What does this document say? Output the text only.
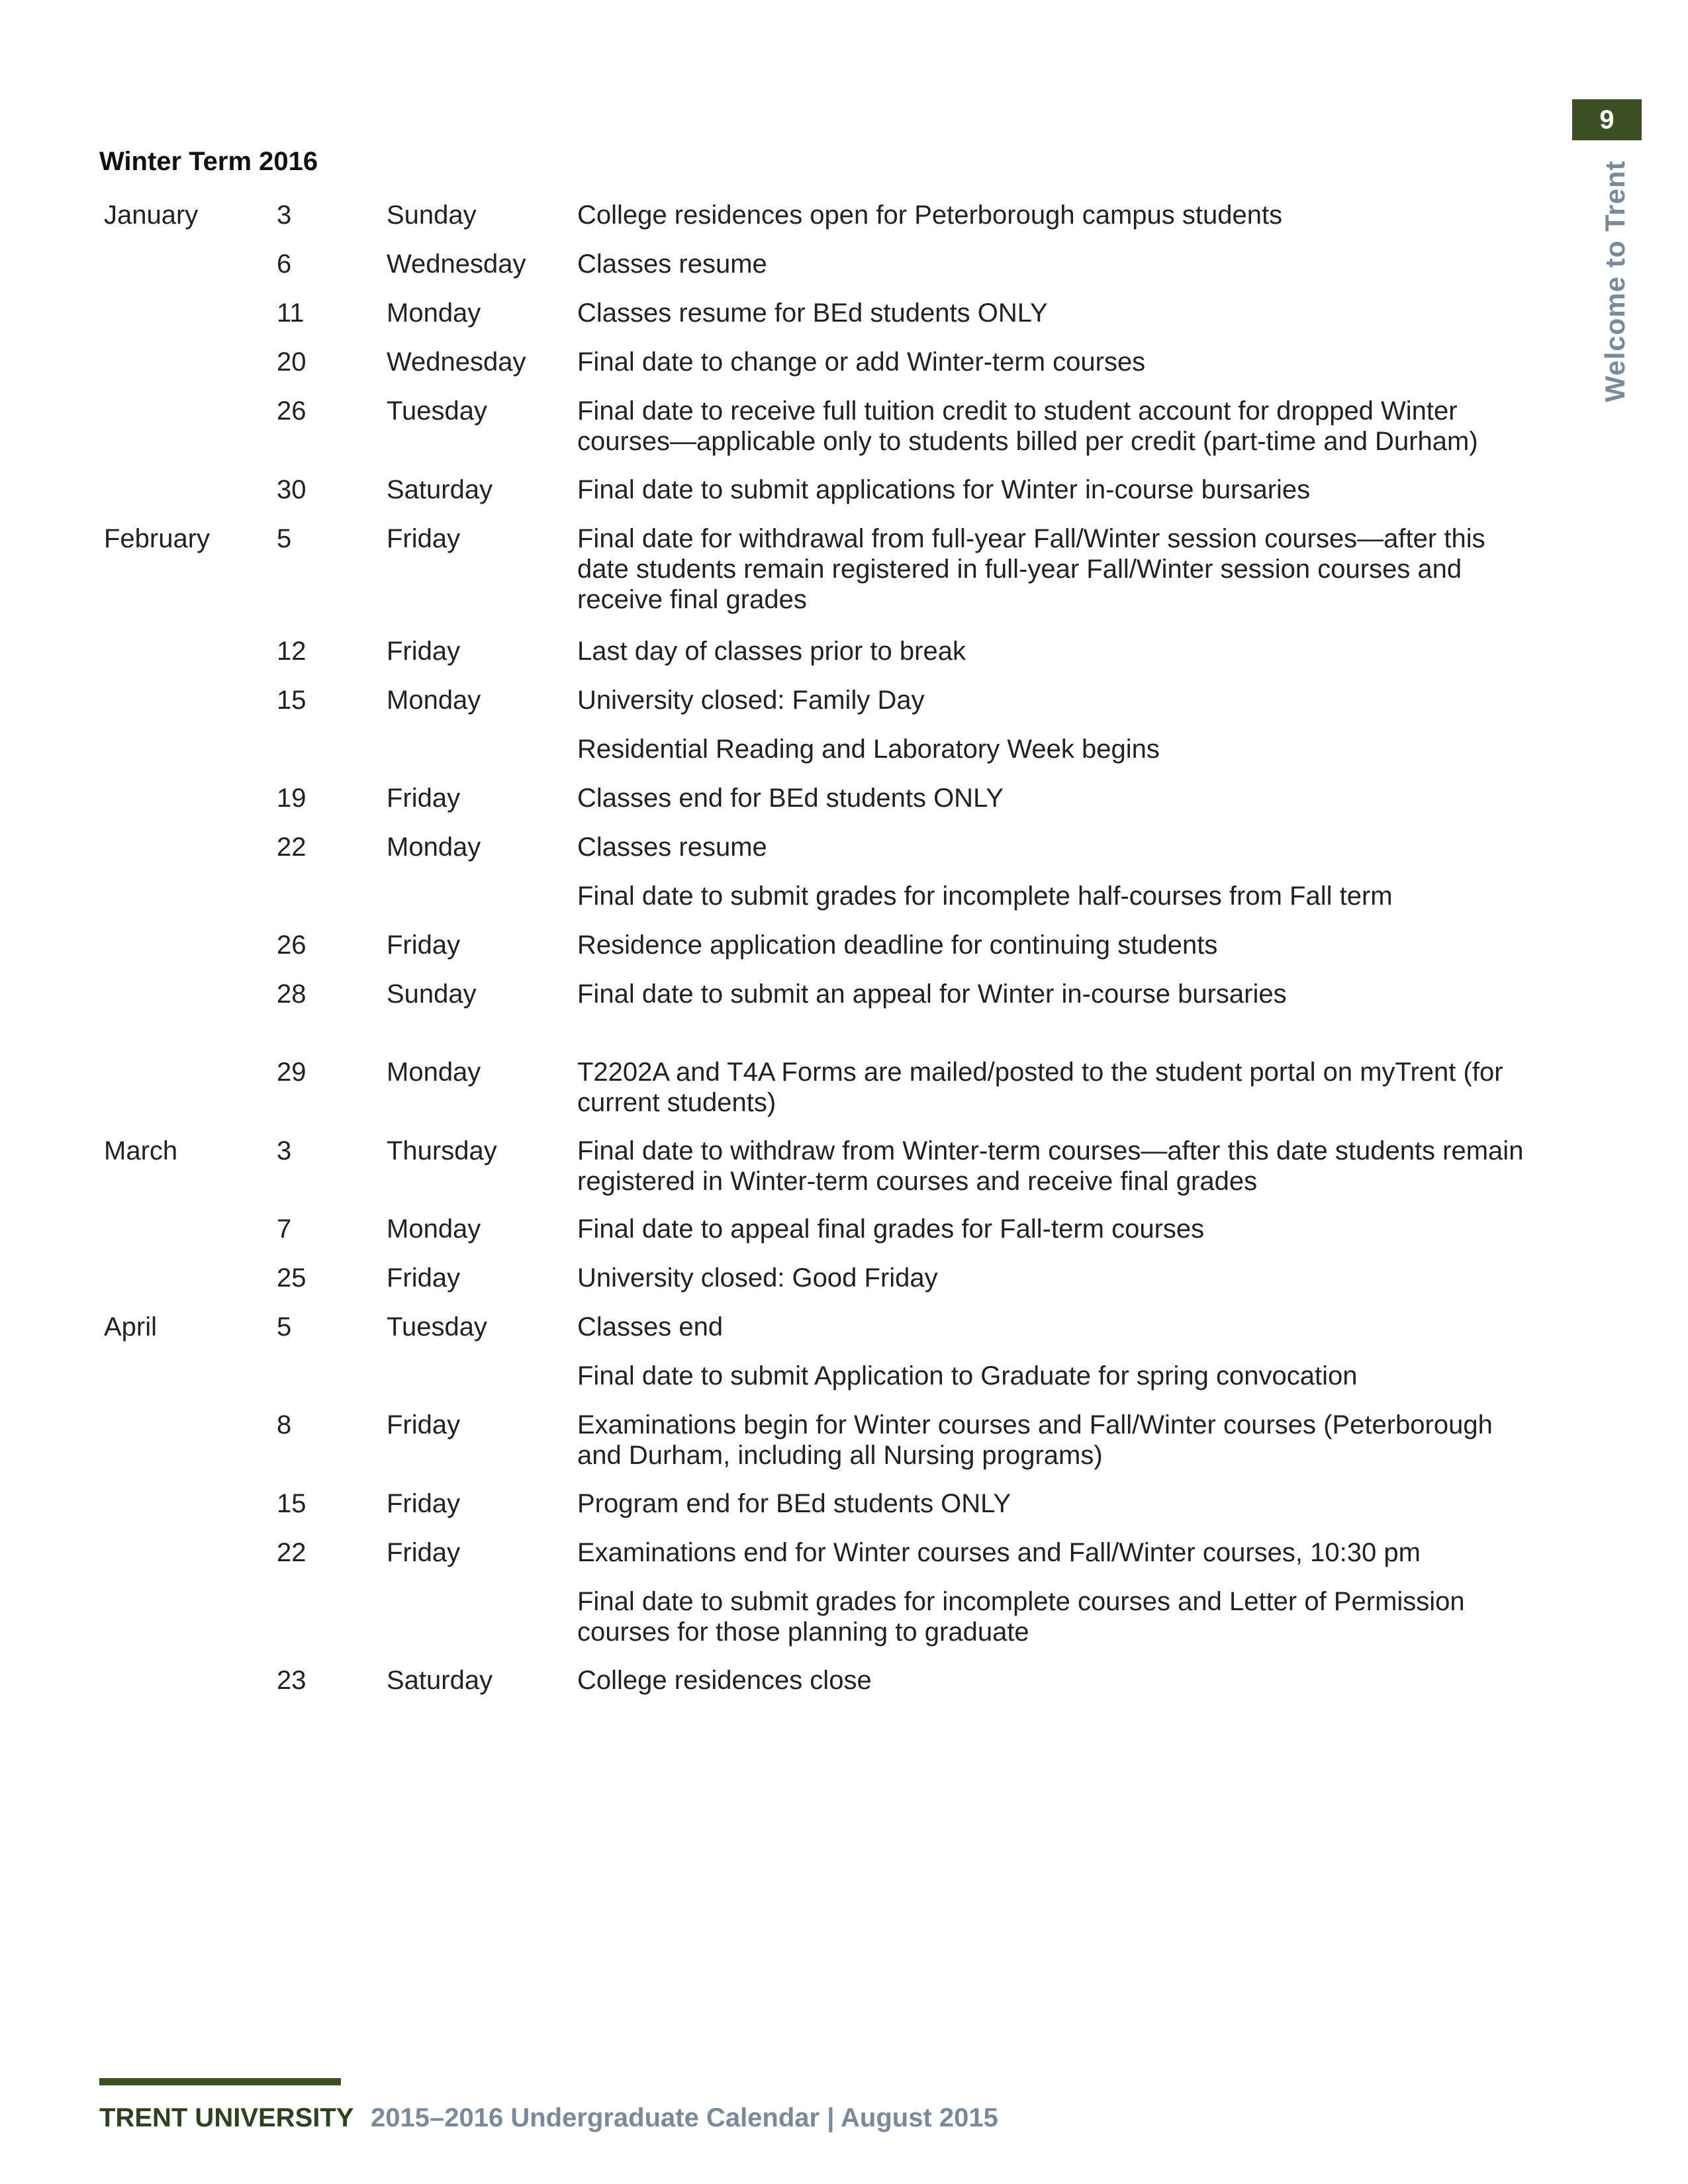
9
Welcome to Trent
Winter Term 2016
January	3	Sunday	College residences open for Peterborough campus students
6	Wednesday	Classes resume
11	Monday	Classes resume for BEd students ONLY
20	Wednesday	Final date to change or add Winter-term courses
26	Tuesday	Final date to receive full tuition credit to student account for dropped Winter courses—applicable only to students billed per credit (part-time and Durham)
30	Saturday	Final date to submit applications for Winter in-course bursaries
February	5	Friday	Final date for withdrawal from full-year Fall/Winter session courses—after this date students remain registered in full-year Fall/Winter session courses and receive final grades
12	Friday	Last day of classes prior to break
15	Monday	University closed: Family Day
Residential Reading and Laboratory Week begins
19	Friday	Classes end for BEd students ONLY
22	Monday	Classes resume
Final date to submit grades for incomplete half-courses from Fall term
26	Friday	Residence application deadline for continuing students
28	Sunday	Final date to submit an appeal for Winter in-course bursaries
29	Monday	T2202A and T4A Forms are mailed/posted to the student portal on myTrent (for current students)
March	3	Thursday	Final date to withdraw from Winter-term courses—after this date students remain registered in Winter-term courses and receive final grades
7	Monday	Final date to appeal final grades for Fall-term courses
25	Friday	University closed: Good Friday
April	5	Tuesday	Classes end
Final date to submit Application to Graduate for spring convocation
8	Friday	Examinations begin for Winter courses and Fall/Winter courses (Peterborough and Durham, including all Nursing programs)
15	Friday	Program end for BEd students ONLY
22	Friday	Examinations end for Winter courses and Fall/Winter courses, 10:30 pm
Final date to submit grades for incomplete courses and Letter of Permission courses for those planning to graduate
23	Saturday	College residences close
TRENT UNIVERSITY 2015–2016 Undergraduate Calendar | August 2015
